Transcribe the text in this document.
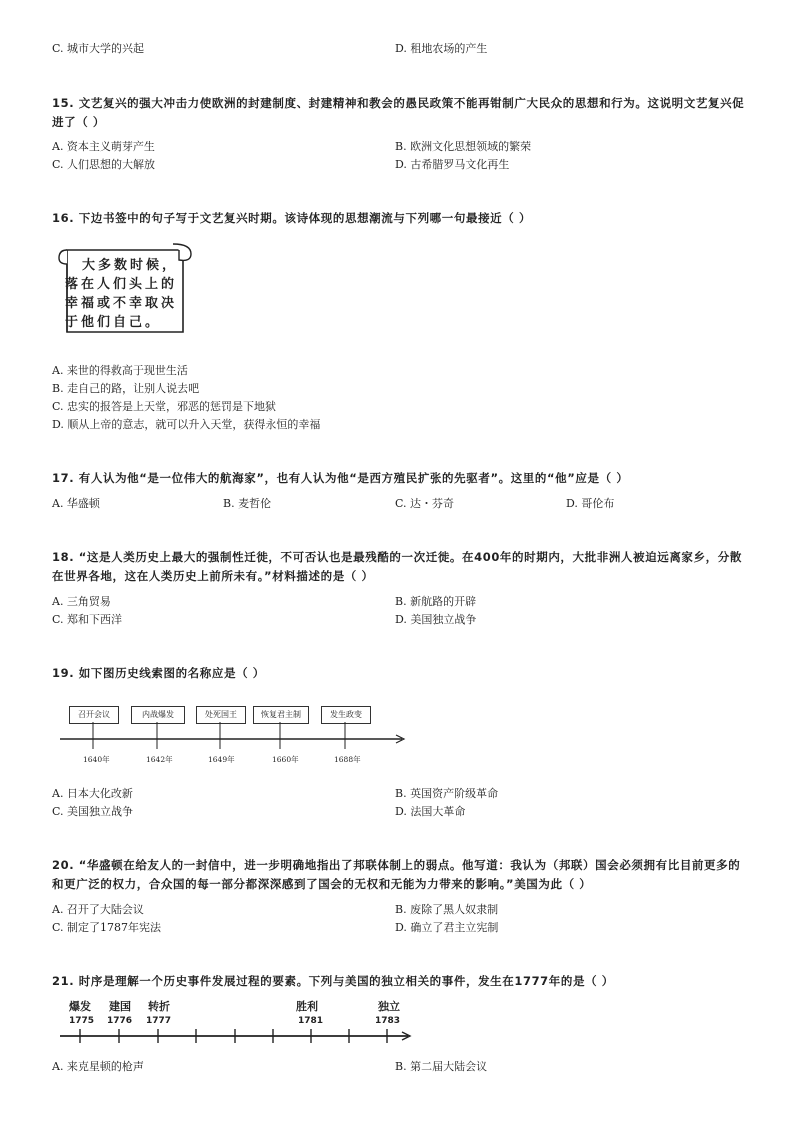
C. 城市大学的兴起	D. 租地农场的产生
15. 文艺复兴的强大冲击力使欧洲的封建制度、封建精神和教会的愚民政策不能再钳制广大民众的思想和行为。这说明文艺复兴促
进了（ ）
A. 资本主义萌芽产生	B. 欧洲文化思想领域的繁荣
C. 人们思想的大解放	D. 古希腊罗马文化再生
16. 下边书签中的句子写于文艺复兴时期。该诗体现的思想潮流与下列哪一句最接近（ ）
大多数时候，
落在人们头上的
幸福或不幸取决
于他们自己。
A. 来世的得救高于现世生活
B. 走自己的路，让别人说去吧
C. 忠实的报答是上天堂，邪恶的惩罚是下地狱
D. 顺从上帝的意志，就可以升入天堂，获得永恒的幸福
17. 有人认为他“是一位伟大的航海家”，也有人认为他“是西方殖民扩张的先驱者”。这里的“他”应是（ ）
A. 华盛顿	B. 麦哲伦	C. 达・芬奇	D. 哥伦布
18. “这是人类历史上最大的强制性迁徙，不可否认也是最残酷的一次迁徙。在400年的时期内，大批非洲人被迫远离家乡，分散
在世界各地，这在人类历史上前所未有。”材料描述的是（ ）
A. 三角贸易	B. 新航路的开辟
C. 郑和下西洋	D. 美国独立战争
19. 如下图历史线索图的名称应是（ ）
召开会议	内战爆发	处死国王	恢复君主制	发生政变
1640年	1642年	1649年	1660年	1688年
A. 日本大化改新	B. 英国资产阶级革命
C. 美国独立战争	D. 法国大革命
20. “华盛顿在给友人的一封信中，进一步明确地指出了邦联体制上的弱点。他写道：我认为（邦联）国会必须拥有比目前更多的
和更广泛的权力，合众国的每一部分都深深感到了国会的无权和无能为力带来的影响。”美国为此（ ）
A. 召开了大陆会议	B. 废除了黑人奴隶制
C. 制定了1787年宪法	D. 确立了君主立宪制
21. 时序是理解一个历史事件发展过程的要素。下列与美国的独立相关的事件，发生在1777年的是（ ）
爆发 建国 转折	胜利	独立
1775 1776 1777	1781	1783
A. 来克星顿的枪声	B. 第二届大陆会议
